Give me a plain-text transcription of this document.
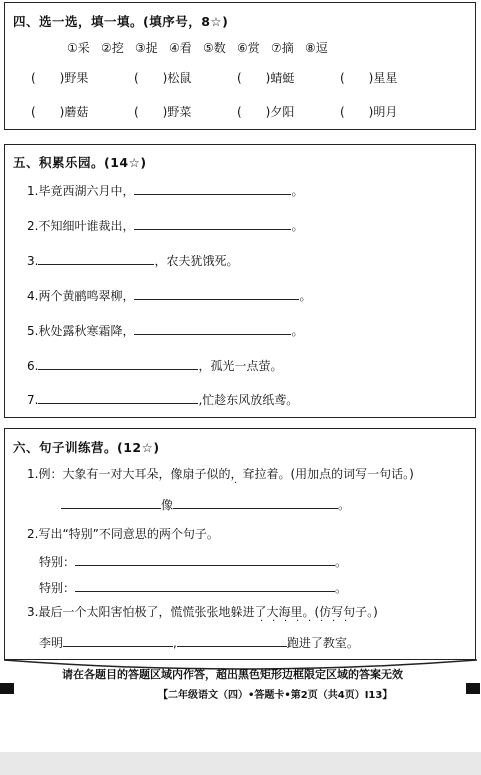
四、选一选，填一填。(填序号，8☆)
①采 ②挖 ③捉 ④看 ⑤数 ⑥赏 ⑦摘 ⑧逗
(　　)野果	(　　)松鼠	(　　)蜻蜓	(　　)星星
(　　)蘑菇	(　　)野菜	(　　)夕阳	(　　)明月
五、积累乐园。(14☆)
1.毕竟西湖六月中，	。
2.不知细叶谁裁出，	。
3.	，农夫犹饿死。
4.两个黄鹂鸣翠柳，	。
5.秋处露秋寒霜降，	。
6.	，孤光一点萤。
7.	,忙趁东风放纸鸢。
六、句子训练营。(12☆)
1.例：大象有一对大耳朵，像扇子似的，耷拉着。(用加点的词写一句话。)
·
像	。
2.写出“特别”不同意思的两个句子。
特别：	。
特别：	。
3.最后一个太阳害怕极了，慌慌张张地躲进了大海里。(仿写句子。)
· · · · · · · ·
李明	,	跑进了教室。
请在各题目的答题区域内作答，超出黑色矩形边框限定区域的答案无效
【二年级语文（四）•答题卡•第2页（共4页）I13】
